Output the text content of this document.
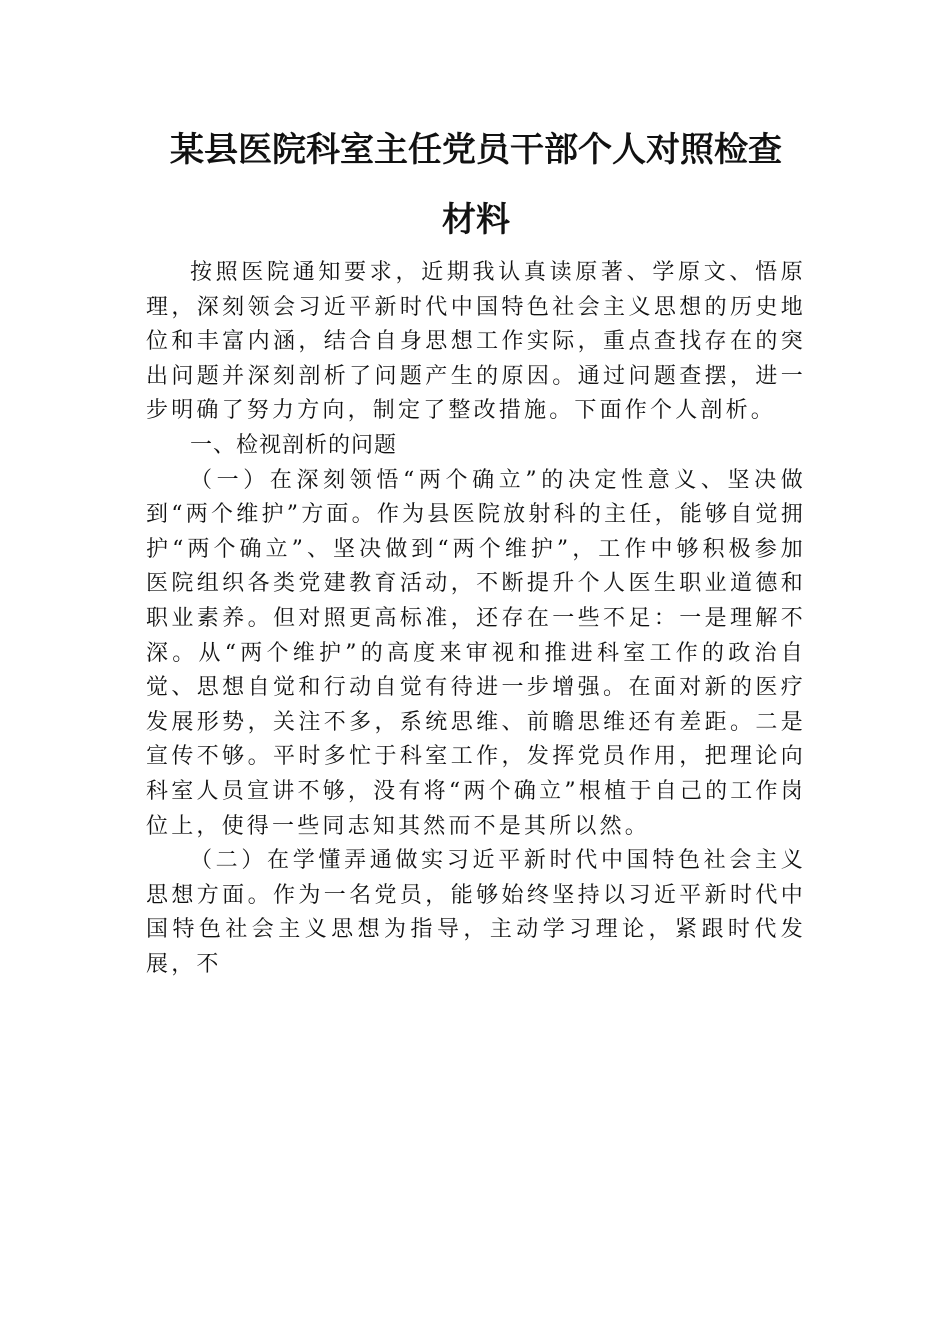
某县医院科室主任党员干部个人对照检查
材料

按照医院通知要求，近期我认真读原著、学原文、悟原理，深刻领会习近平新时代中国特色社会主义思想的历史地位和丰富内涵，结合自身思想工作实际，重点查找存在的突出问题并深刻剖析了问题产生的原因。通过问题查摆，进一步明确了努力方向，制定了整改措施。下面作个人剖析。

一、检视剖析的问题

（一）在深刻领悟“两个确立”的决定性意义、坚决做到“两个维护”方面。作为县医院放射科的主任，能够自觉拥护“两个确立”、坚决做到“两个维护”，工作中够积极参加医院组织各类党建教育活动，不断提升个人医生职业道德和职业素养。但对照更高标准，还存在一些不足：一是理解不深。从“两个维护”的高度来审视和推进科室工作的政治自觉、思想自觉和行动自觉有待进一步增强。在面对新的医疗发展形势，关注不多，系统思维、前瞻思维还有差距。二是宣传不够。平时多忙于科室工作，发挥党员作用，把理论向科室人员宣讲不够，没有将“两个确立”根植于自己的工作岗位上，使得一些同志知其然而不是其所以然。

（二）在学懂弄通做实习近平新时代中国特色社会主义思想方面。作为一名党员，能够始终坚持以习近平新时代中国特色社会主义思想为指导，主动学习理论，紧跟时代发展，不
